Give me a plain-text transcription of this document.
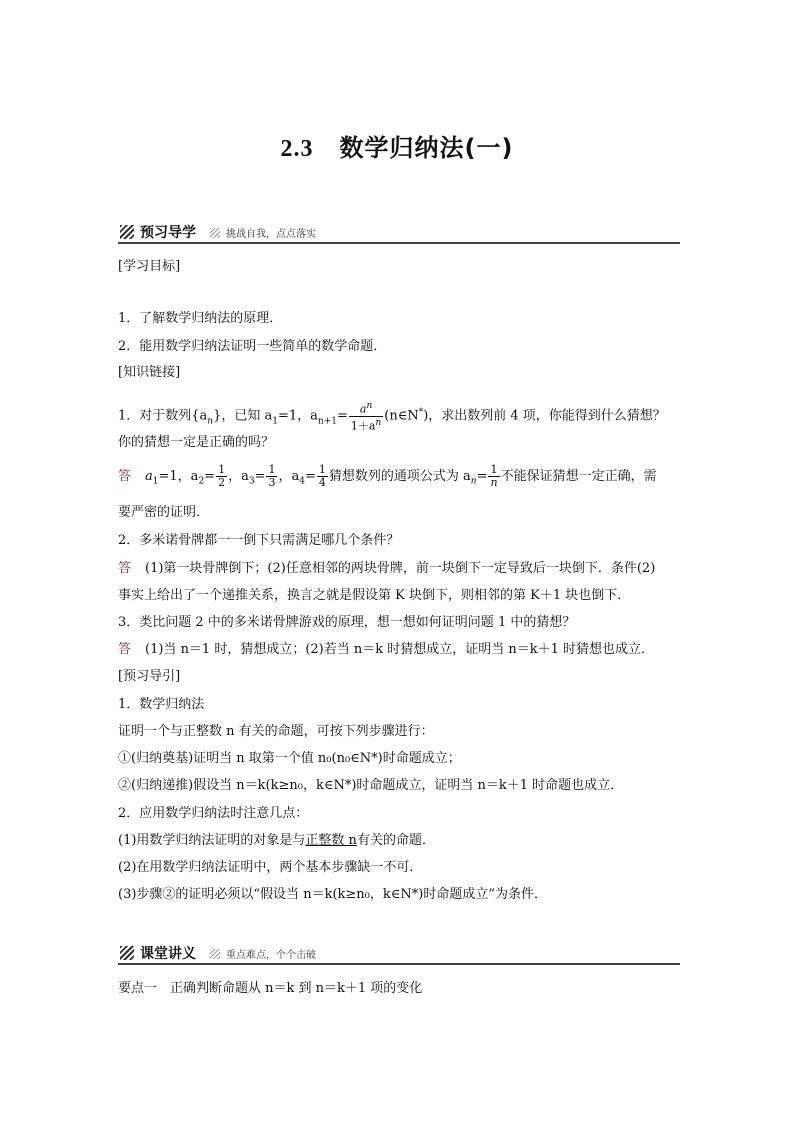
2.3 数学归纳法(一)
预习导学	挑战自我，点点落实
[学习目标]
1．了解数学归纳法的原理．
2．能用数学归纳法证明一些简单的数学命题．
[知识链接]
1．对于数列$\{a_n\}$，已知 $a_1=1$，$a_{n+1}= \frac{a^n}{1+a^n}$ (n∈N*)，求出数列前 4 项，你能得到什么猜想？
你的猜想一定是正确的吗？
答 $a_1=1$，$a_2= \frac{1}{2}$ ，$a_3= \frac{1}{3}$ ，$a_4= \frac{1}{4}$ 猜想数列的通项公式为 $a_n= \frac{1}{n}$ 不能保证猜想一定正确，需
要严密的证明．
2．多米诺骨牌都一一倒下只需满足哪几个条件？
答 (1)第一块骨牌倒下；(2)任意相邻的两块骨牌，前一块倒下一定导致后一块倒下．条件(2)
事实上给出了一个递推关系，换言之就是假设第 K 块倒下，则相邻的第 K＋1 块也倒下．
3．类比问题 2 中的多米诺骨牌游戏的原理，想一想如何证明问题 1 中的猜想？
答 (1)当 n＝1 时，猜想成立；(2)若当 n＝k 时猜想成立，证明当 n＝k＋1 时猜想也成立．
[预习导引]
1．数学归纳法
证明一个与正整数 n 有关的命题，可按下列步骤进行：
①(归纳奠基)证明当 n 取第一个值 n₀(n₀∈N*)时命题成立；
②(归纳递推)假设当 n＝k(k≥n₀，k∈N*)时命题成立，证明当 n＝k＋1 时命题也成立．
2．应用数学归纳法时注意几点：
(1)用数学归纳法证明的对象是与正整数 n有关的命题．
(2)在用数学归纳法证明中，两个基本步骤缺一不可．
(3)步骤②的证明必须以“假设当 n＝k(k≥n₀，k∈N*)时命题成立”为条件．
课堂讲义	重点难点，个个击破
要点一　正确判断命题从 n＝k 到 n＝k＋1 项的变化
